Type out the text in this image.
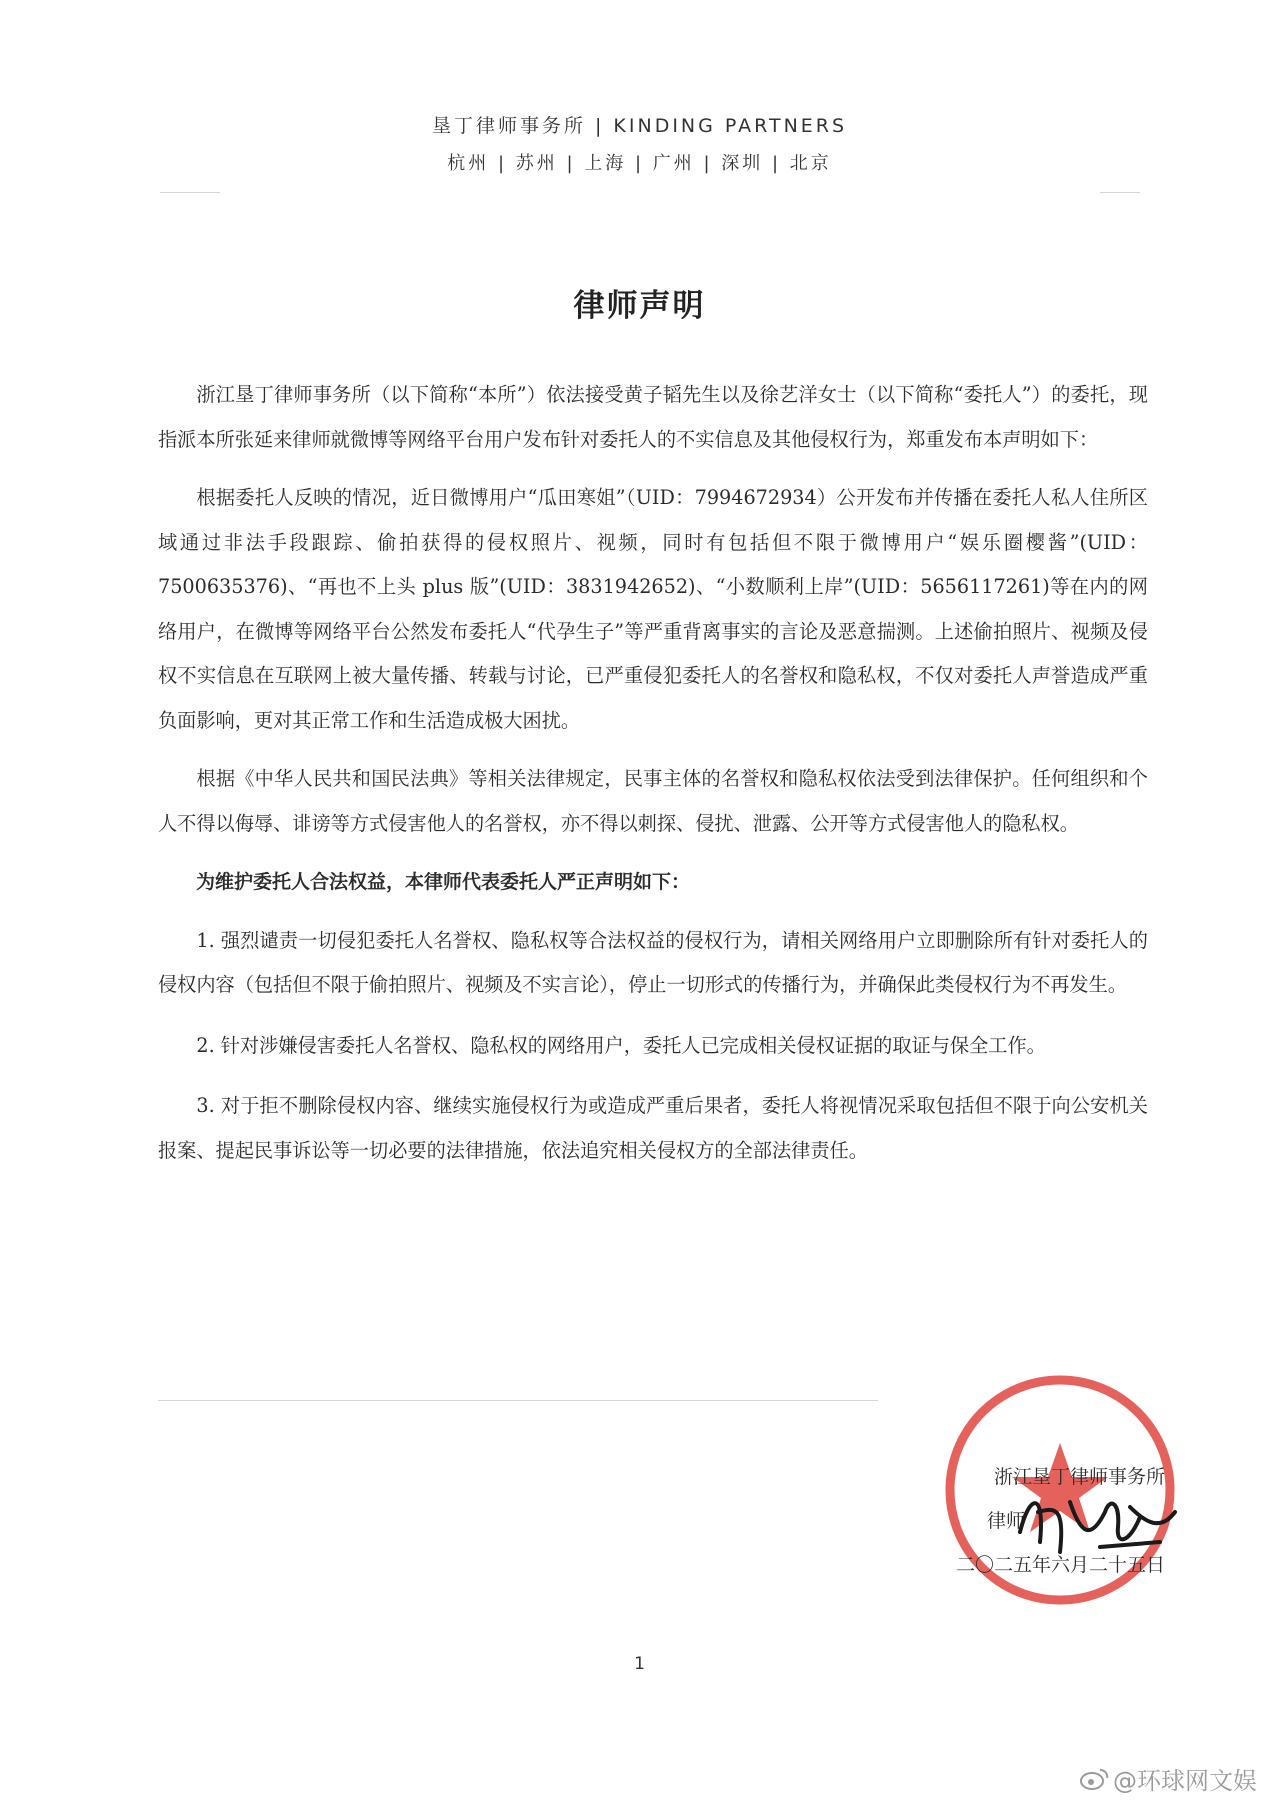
垦丁律师事务所 | KINDING PARTNERS
杭州 | 苏州 | 上海 | 广州 | 深圳 | 北京
律师声明

浙江垦丁律师事务所（以下简称“本所”）依法接受黄子韬先生以及徐艺洋女士（以下简称“委托人”）的委托，现指派本所张延来律师就微博等网络平台用户发布针对委托人的不实信息及其他侵权行为，郑重发布本声明如下：

根据委托人反映的情况，近日微博用户“瓜田寒姐”（UID：7994672934）公开发布并传播在委托人私人住所区域通过非法手段跟踪、偷拍获得的侵权照片、视频，同时有包括但不限于微博用户“娱乐圈樱酱”(UID：7500635376)、“再也不上头 plus 版”(UID：3831942652)、“小数顺利上岸”(UID：5656117261)等在内的网络用户，在微博等网络平台公然发布委托人“代孕生子”等严重背离事实的言论及恶意揣测。上述偷拍照片、视频及侵权不实信息在互联网上被大量传播、转载与讨论，已严重侵犯委托人的名誉权和隐私权，不仅对委托人声誉造成严重负面影响，更对其正常工作和生活造成极大困扰。

根据《中华人民共和国民法典》等相关法律规定，民事主体的名誉权和隐私权依法受到法律保护。任何组织和个人不得以侮辱、诽谤等方式侵害他人的名誉权，亦不得以刺探、侵扰、泄露、公开等方式侵害他人的隐私权。

为维护委托人合法权益，本律师代表委托人严正声明如下：

1. 强烈谴责一切侵犯委托人名誉权、隐私权等合法权益的侵权行为，请相关网络用户立即删除所有针对委托人的侵权内容（包括但不限于偷拍照片、视频及不实言论），停止一切形式的传播行为，并确保此类侵权行为不再发生。

2. 针对涉嫌侵害委托人名誉权、隐私权的网络用户，委托人已完成相关侵权证据的取证与保全工作。

3. 对于拒不删除侵权内容、继续实施侵权行为或造成严重后果者，委托人将视情况采取包括但不限于向公安机关报案、提起民事诉讼等一切必要的法律措施，依法追究相关侵权方的全部法律责任。

浙江垦丁律师事务所
律师
二〇二五年六月二十五日
1
@环球网文娱
